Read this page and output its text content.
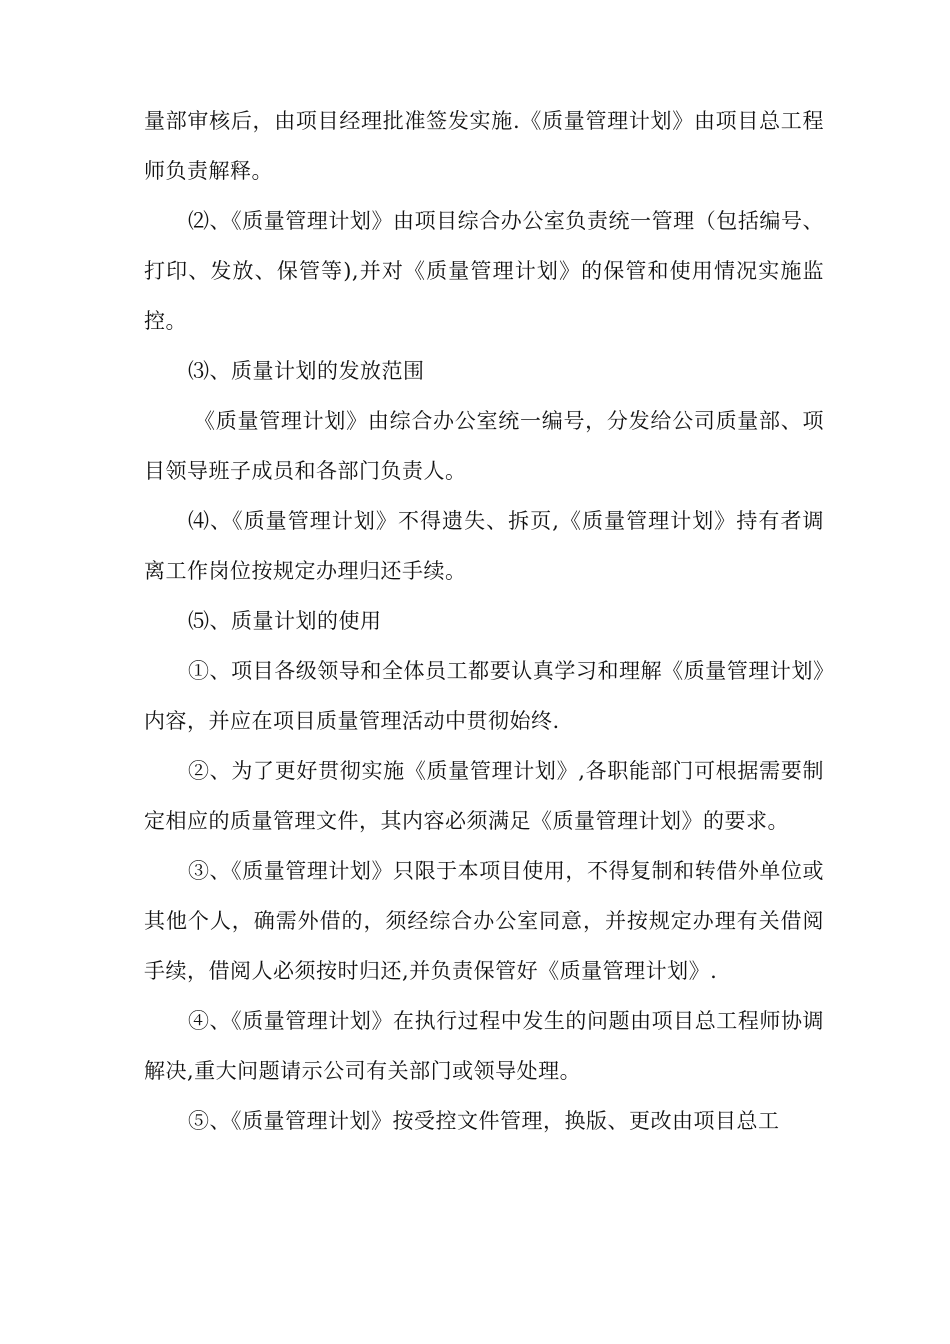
量部审核后，由项目经理批准签发实施.《质量管理计划》由项目总工程师负责解释。

⑵、《质量管理计划》由项目综合办公室负责统一管理（包括编号、打印、发放、保管等),并对《质量管理计划》的保管和使用情况实施监控。

⑶、质量计划的发放范围

《质量管理计划》由综合办公室统一编号，分发给公司质量部、项目领导班子成员和各部门负责人。

⑷、《质量管理计划》不得遗失、拆页,《质量管理计划》持有者调离工作岗位按规定办理归还手续。

⑸、质量计划的使用

①、项目各级领导和全体员工都要认真学习和理解《质量管理计划》内容，并应在项目质量管理活动中贯彻始终.

②、为了更好贯彻实施《质量管理计划》,各职能部门可根据需要制定相应的质量管理文件，其内容必须满足《质量管理计划》的要求。

③、《质量管理计划》只限于本项目使用，不得复制和转借外单位或其他个人，确需外借的，须经综合办公室同意，并按规定办理有关借阅手续，借阅人必须按时归还,并负责保管好《质量管理计划》.

④、《质量管理计划》在执行过程中发生的问题由项目总工程师协调解决,重大问题请示公司有关部门或领导处理。

⑤、《质量管理计划》按受控文件管理，换版、更改由项目总工
